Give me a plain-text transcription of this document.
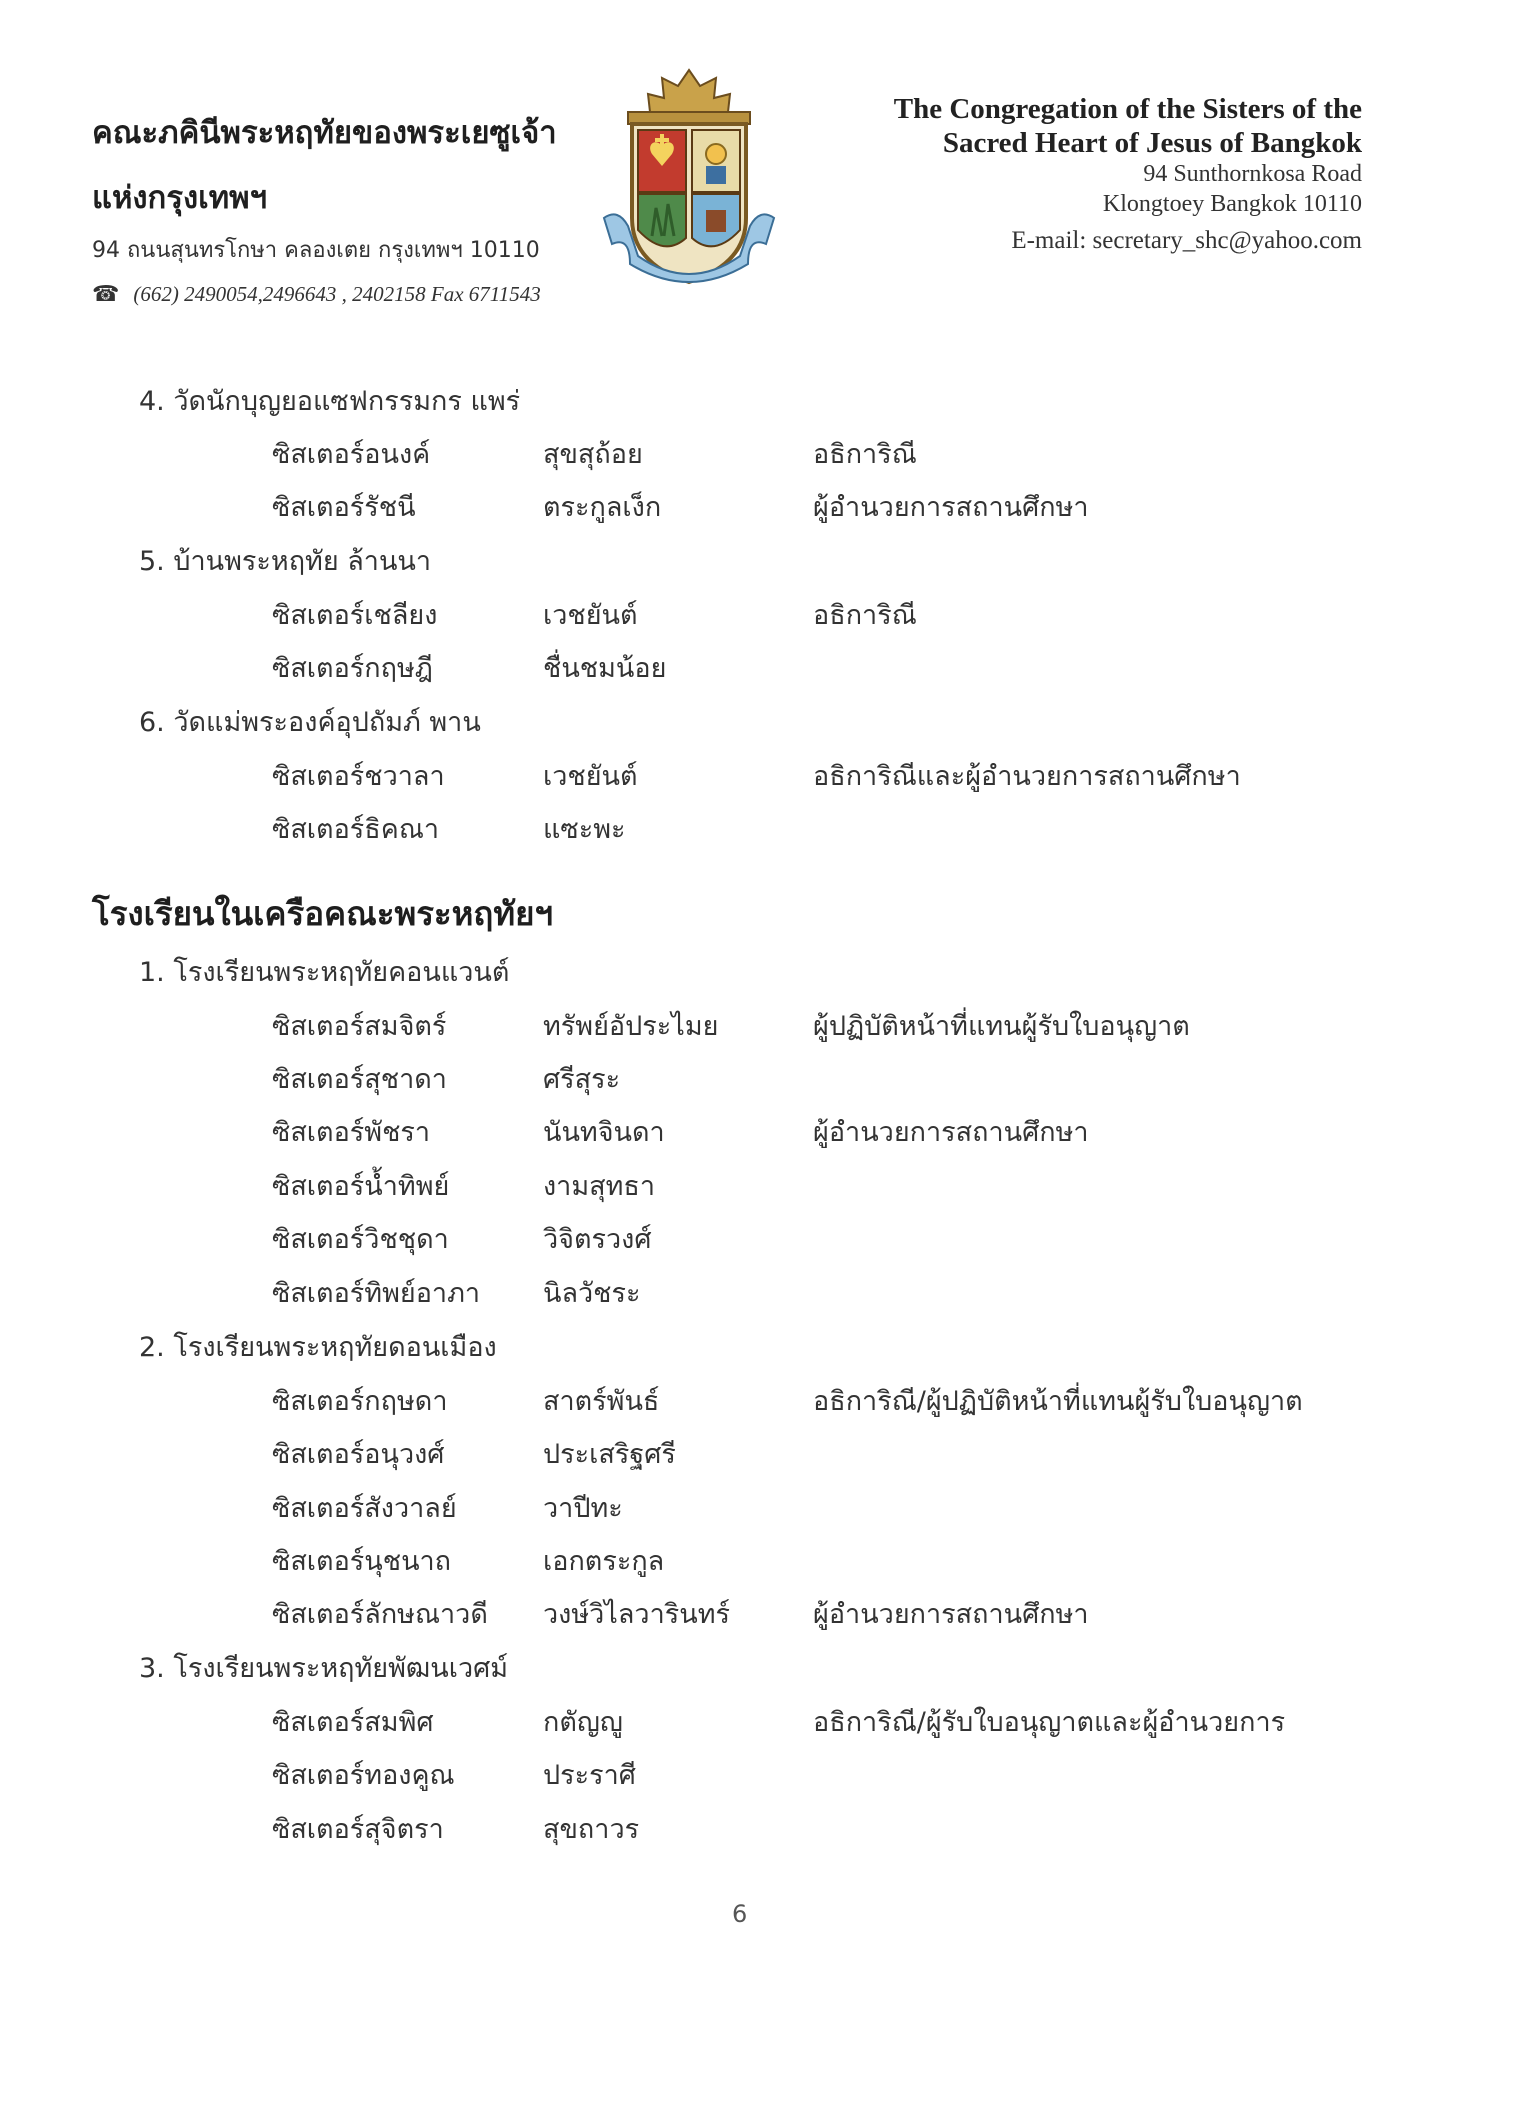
คณะภคินีพระหฤทัยของพระเยซูเจ้า
แห่งกรุงเทพฯ
94 ถนนสุนทรโกษา คลองเตย กรุงเทพฯ 10110
☎ (662) 2490054,2496643 , 2402158 Fax 6711543
The Congregation of the Sisters of the
Sacred Heart of Jesus of Bangkok
94 Sunthornkosa Road
Klongtoey Bangkok 10110
E-mail: secretary_shc@yahoo.com
4. วัดนักบุญยอแซฟกรรมกร แพร่
ซิสเตอร์อนงค์	สุขสุถ้อย	อธิการิณี
ซิสเตอร์รัชนี	ตระกูลเง็ก	ผู้อำนวยการสถานศึกษา
5. บ้านพระหฤทัย ล้านนา
ซิสเตอร์เชลียง	เวชยันต์	อธิการิณี
ซิสเตอร์กฤษฎี	ชื่นชมน้อย
6. วัดแม่พระองค์อุปถัมภ์ พาน
ซิสเตอร์ชวาลา	เวชยันต์	อธิการิณีและผู้อำนวยการสถานศึกษา
ซิสเตอร์ธิคณา	แซะพะ
โรงเรียนในเครือคณะพระหฤทัยฯ
1. โรงเรียนพระหฤทัยคอนแวนต์
ซิสเตอร์สมจิตร์	ทรัพย์อัประไมย	ผู้ปฏิบัติหน้าที่แทนผู้รับใบอนุญาต
ซิสเตอร์สุชาดา	ศรีสุระ
ซิสเตอร์พัชรา	นันทจินดา	ผู้อำนวยการสถานศึกษา
ซิสเตอร์น้ำทิพย์	งามสุทธา
ซิสเตอร์วิชชุดา	วิจิตรวงศ์
ซิสเตอร์ทิพย์อาภา นิลวัชระ
2. โรงเรียนพระหฤทัยดอนเมือง
ซิสเตอร์กฤษดา	สาตร์พันธ์	อธิการิณี/ผู้ปฏิบัติหน้าที่แทนผู้รับใบอนุญาต
ซิสเตอร์อนุวงศ์	ประเสริฐศรี
ซิสเตอร์สังวาลย์	วาปีทะ
ซิสเตอร์นุชนาถ	เอกตระกูล
ซิสเตอร์ลักษณาวดี วงษ์วิไลวารินทร์	ผู้อำนวยการสถานศึกษา
3. โรงเรียนพระหฤทัยพัฒนเวศม์
ซิสเตอร์สมพิศ	กตัญญู	อธิการิณี/ผู้รับใบอนุญาตและผู้อำนวยการ
ซิสเตอร์ทองคูณ	ประราศี
ซิสเตอร์สุจิตรา	สุขถาวร
6
